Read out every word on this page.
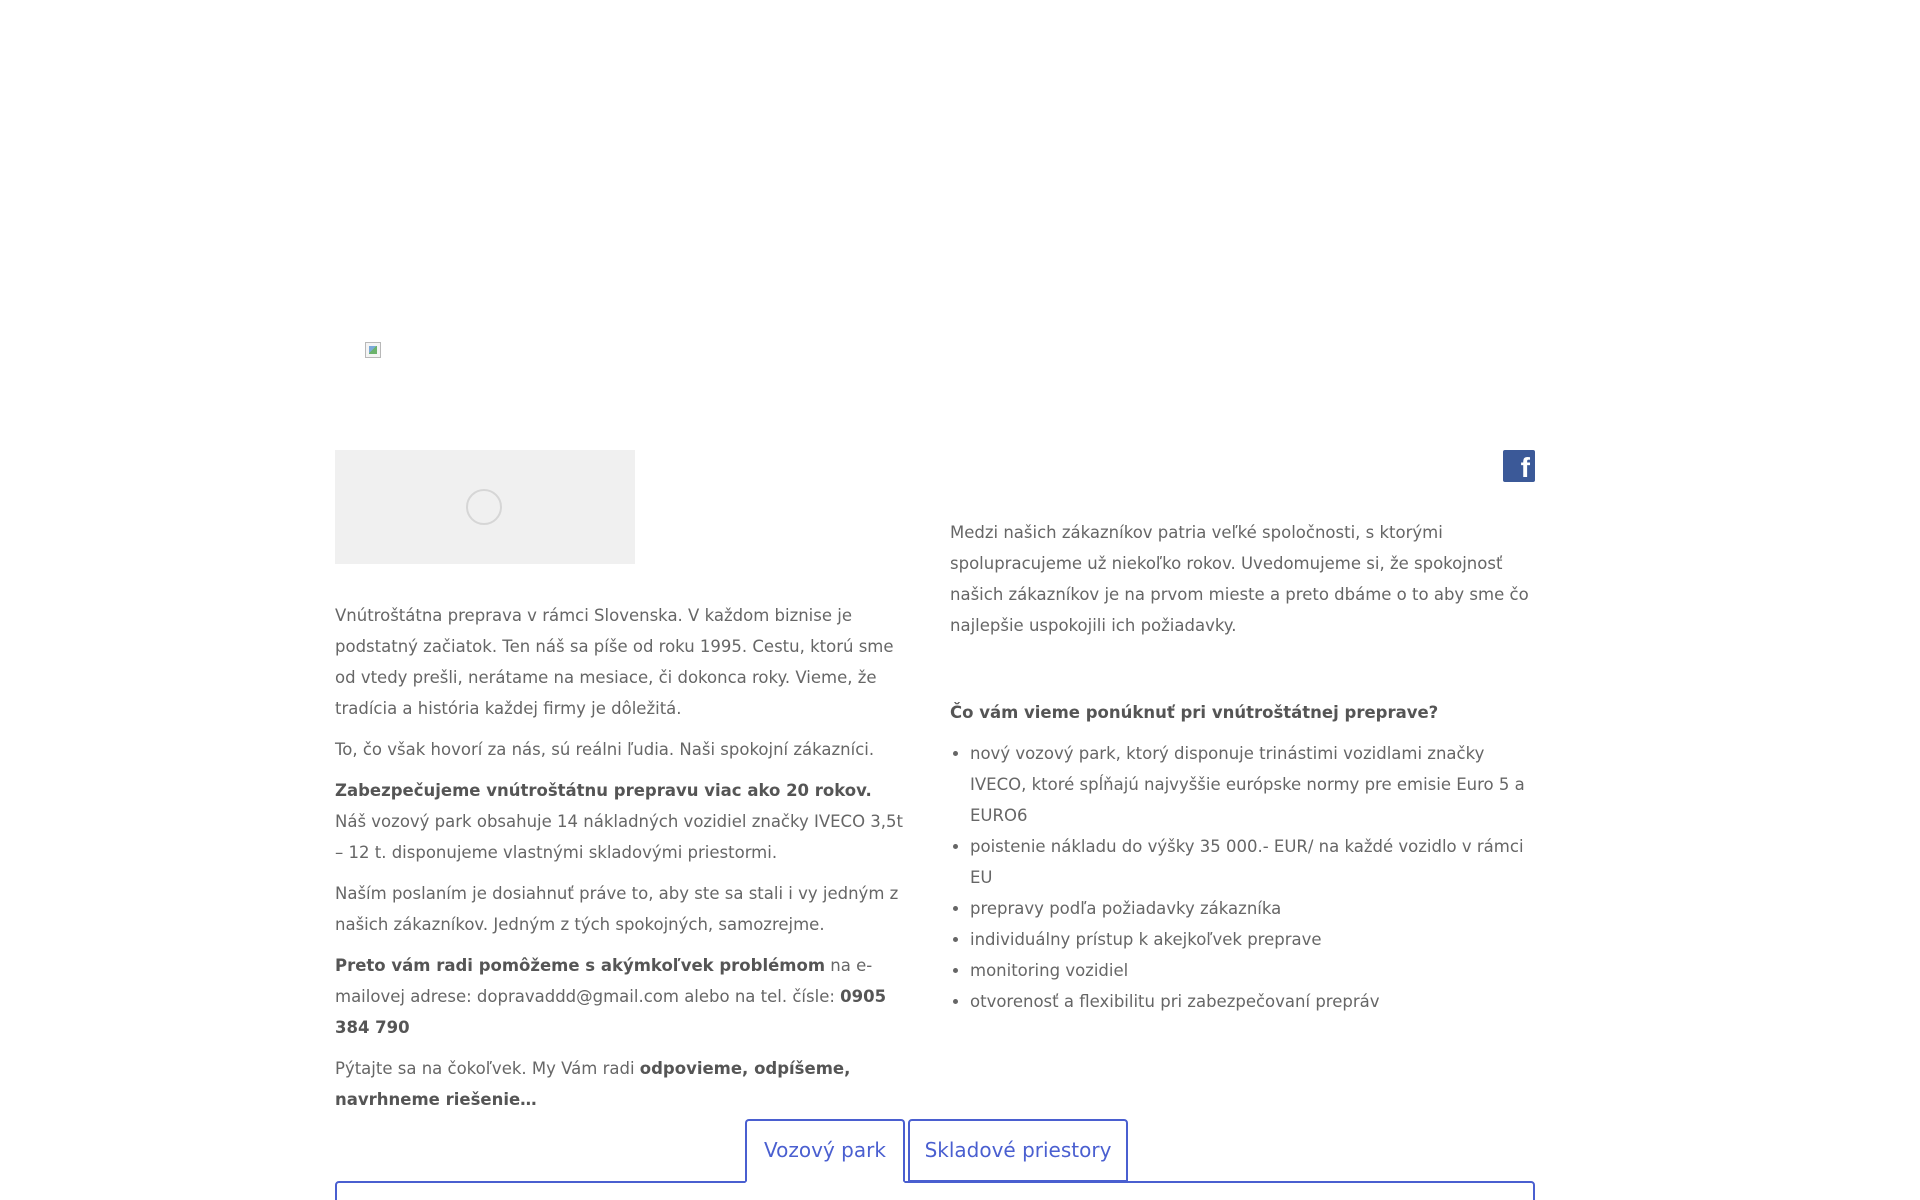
f

Vnútroštátna preprava v rámci Slovenska. V každom biznise je podstatný začiatok. Ten náš sa píše od roku 1995. Cestu, ktorú sme od vtedy prešli, nerátame na mesiace, či dokonca roky. Vieme, že tradícia a história každej firmy je dôležitá.

To, čo však hovorí za nás, sú reálni ľudia. Naši spokojní zákazníci.

Zabezpečujeme vnútroštátnu prepravu viac ako 20 rokov. Náš vozový park obsahuje 14 nákladných vozidiel značky IVECO 3,5t – 12 t. disponujeme vlastnými skladovými priestormi.

Naším poslaním je dosiahnuť práve to, aby ste sa stali i vy jedným z našich zákazníkov. Jedným z tých spokojných, samozrejme.

Preto vám radi pomôžeme s akýmkoľvek problémom na e-mailovej adrese: dopravaddd@gmail.com alebo na tel. čísle: 0905 384 790

Pýtajte sa na čokoľvek. My Vám radi odpovieme, odpíšeme, navrhneme riešenie…

Medzi našich zákazníkov patria veľké spoločnosti, s ktorými spolupracujeme už niekoľko rokov. Uvedomujeme si, že spokojnosť našich zákazníkov je na prvom mieste a preto dbáme o to aby sme čo najlepšie uspokojili ich požiadavky.

Čo vám vieme ponúknuť pri vnútroštátnej preprave?

• nový vozový park, ktorý disponuje trinástimi vozidlami značky IVECO, ktoré spĺňajú najvyššie európske normy pre emisie Euro 5 a EURO6
• poistenie nákladu do výšky 35 000.- EUR/ na každé vozidlo v rámci EU
• prepravy podľa požiadavky zákazníka
• individuálny prístup k akejkoľvek preprave
• monitoring vozidiel
• otvorenosť a flexibilitu pri zabezpečovaní prepráv
Vozový park	Skladové priestory
